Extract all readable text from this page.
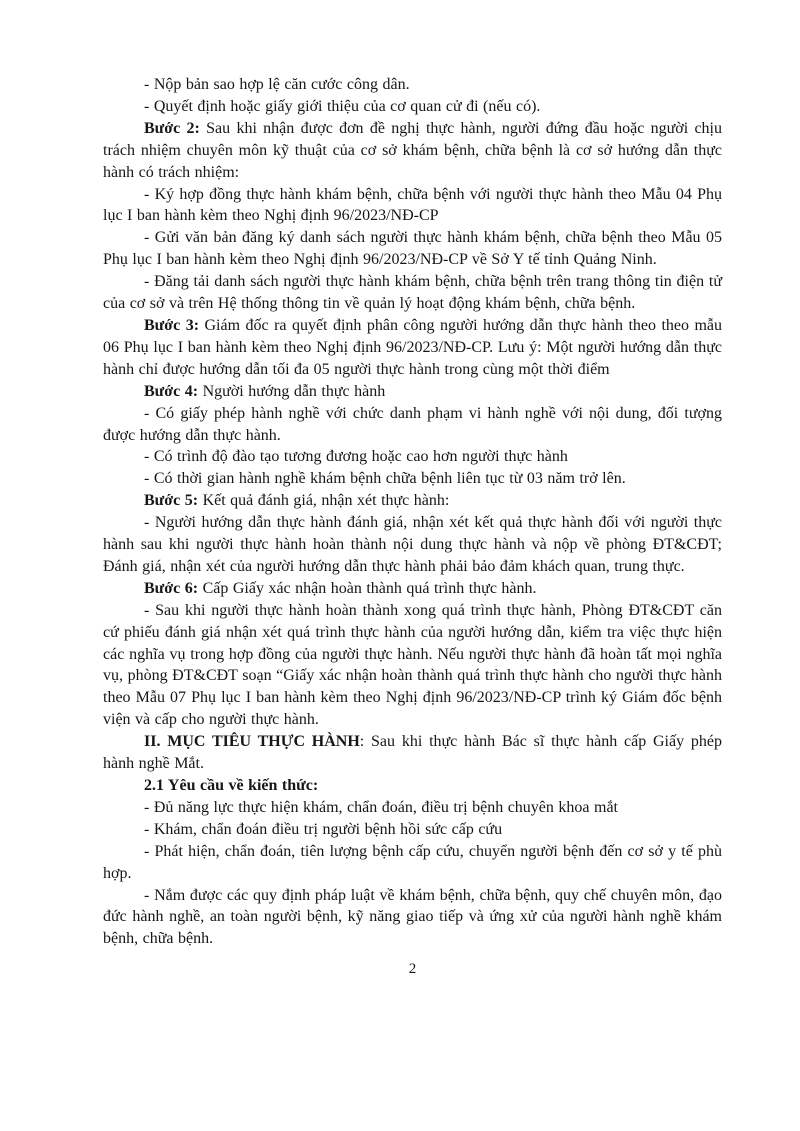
- Nộp bản sao hợp lệ căn cước công dân.

- Quyết định hoặc giấy giới thiệu của cơ quan cử đi (nếu có).

Bước 2: Sau khi nhận được đơn đề nghị thực hành, người đứng đầu hoặc người chịu trách nhiệm chuyên môn kỹ thuật của cơ sở khám bệnh, chữa bệnh là cơ sở hướng dẫn thực hành có trách nhiệm:

- Ký hợp đồng thực hành khám bệnh, chữa bệnh với người thực hành theo Mẫu 04 Phụ lục I ban hành kèm theo Nghị định 96/2023/NĐ-CP

- Gửi văn bản đăng ký danh sách người thực hành khám bệnh, chữa bệnh theo Mẫu 05 Phụ lục I ban hành kèm theo Nghị định 96/2023/NĐ-CP về Sở Y tế tỉnh Quảng Ninh.

- Đăng tải danh sách người thực hành khám bệnh, chữa bệnh trên trang thông tin điện tử của cơ sở và trên Hệ thống thông tin về quản lý hoạt động khám bệnh, chữa bệnh.

Bước 3: Giám đốc ra quyết định phân công người hướng dẫn thực hành theo theo mẫu 06 Phụ lục I ban hành kèm theo Nghị định 96/2023/NĐ-CP. Lưu ý: Một người hướng dẫn thực hành chỉ được hướng dẫn tối đa 05 người thực hành trong cùng một thời điểm

Bước 4: Người hướng dẫn thực hành

- Có giấy phép hành nghề với chức danh phạm vi hành nghề với nội dung, đối tượng được hướng dẫn thực hành.

- Có trình độ đào tạo tương đương hoặc cao hơn người thực hành

- Có thời gian hành nghề khám bệnh chữa bệnh liên tục từ 03 năm trở lên.

Bước 5: Kết quả đánh giá, nhận xét thực hành:

- Người hướng dẫn thực hành đánh giá, nhận xét kết quả thực hành đối với người thực hành sau khi người thực hành hoàn thành nội dung thực hành và nộp về phòng ĐT&CĐT; Đánh giá, nhận xét của người hướng dẫn thực hành phải bảo đảm khách quan, trung thực.

Bước 6: Cấp Giấy xác nhận hoàn thành quá trình thực hành.

- Sau khi người thực hành hoàn thành xong quá trình thực hành, Phòng ĐT&CĐT căn cứ phiếu đánh giá nhận xét quá trình thực hành của người hướng dẫn, kiểm tra việc thực hiện các nghĩa vụ trong hợp đồng của người thực hành. Nếu người thực hành đã hoàn tất mọi nghĩa vụ, phòng ĐT&CĐT soạn “Giấy xác nhận hoàn thành quá trình thực hành cho người thực hành theo Mẫu 07 Phụ lục I ban hành kèm theo Nghị định 96/2023/NĐ-CP trình ký Giám đốc bệnh viện và cấp cho người thực hành.

II. MỤC TIÊU THỰC HÀNH: Sau khi thực hành Bác sĩ thực hành cấp Giấy phép hành nghề Mắt.

2.1 Yêu cầu về kiến thức:

- Đủ năng lực thực hiện khám, chẩn đoán, điều trị bệnh chuyên khoa mắt

- Khám, chẩn đoán điều trị người bệnh hồi sức cấp cứu

- Phát hiện, chẩn đoán, tiên lượng bệnh cấp cứu, chuyển người bệnh đến cơ sở y tế phù hợp.

- Nắm được các quy định pháp luật về khám bệnh, chữa bệnh, quy chế chuyên môn, đạo đức hành nghề, an toàn người bệnh, kỹ năng giao tiếp và ứng xử của người hành nghề khám bệnh, chữa bệnh.

2
